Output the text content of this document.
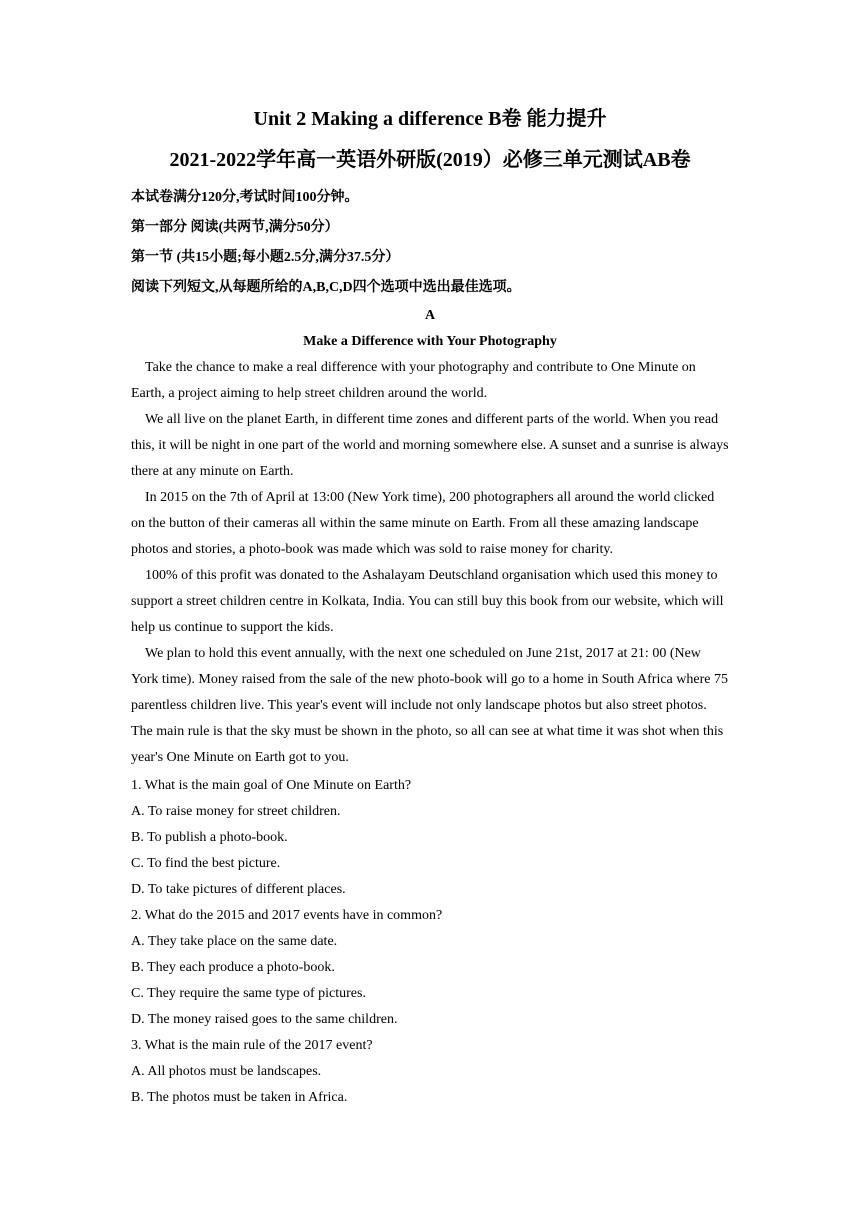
Unit 2 Making a difference B卷 能力提升
2021-2022学年高一英语外研版(2019）必修三单元测试AB卷
本试卷满分120分,考试时间100分钟。
第一部分 阅读(共两节,满分50分）
第一节 (共15小题;每小题2.5分,满分37.5分）
阅读下列短文,从每题所给的A,B,C,D四个选项中选出最佳选项。
A
Make a Difference with Your Photography

Take the chance to make a real difference with your photography and contribute to One Minute on Earth, a project aiming to help street children around the world.

We all live on the planet Earth, in different time zones and different parts of the world. When you read this, it will be night in one part of the world and morning somewhere else. A sunset and a sunrise is always there at any minute on Earth.

In 2015 on the 7th of April at 13:00 (New York time), 200 photographers all around the world clicked on the button of their cameras all within the same minute on Earth. From all these amazing landscape photos and stories, a photo-book was made which was sold to raise money for charity.

100% of this profit was donated to the Ashalayam Deutschland organisation which used this money to support a street children centre in Kolkata, India. You can still buy this book from our website, which will help us continue to support the kids.

We plan to hold this event annually, with the next one scheduled on June 21st, 2017 at 21: 00 (New York time). Money raised from the sale of the new photo-book will go to a home in South Africa where 75 parentless children live. This year's event will include not only landscape photos but also street photos. The main rule is that the sky must be shown in the photo, so all can see at what time it was shot when this year's One Minute on Earth got to you.

1. What is the main goal of One Minute on Earth?
A. To raise money for street children.
B. To publish a photo-book.
C. To find the best picture.
D. To take pictures of different places.
2. What do the 2015 and 2017 events have in common?
A. They take place on the same date.
B. They each produce a photo-book.
C. They require the same type of pictures.
D. The money raised goes to the same children.
3. What is the main rule of the 2017 event?
A. All photos must be landscapes.
B. The photos must be taken in Africa.
